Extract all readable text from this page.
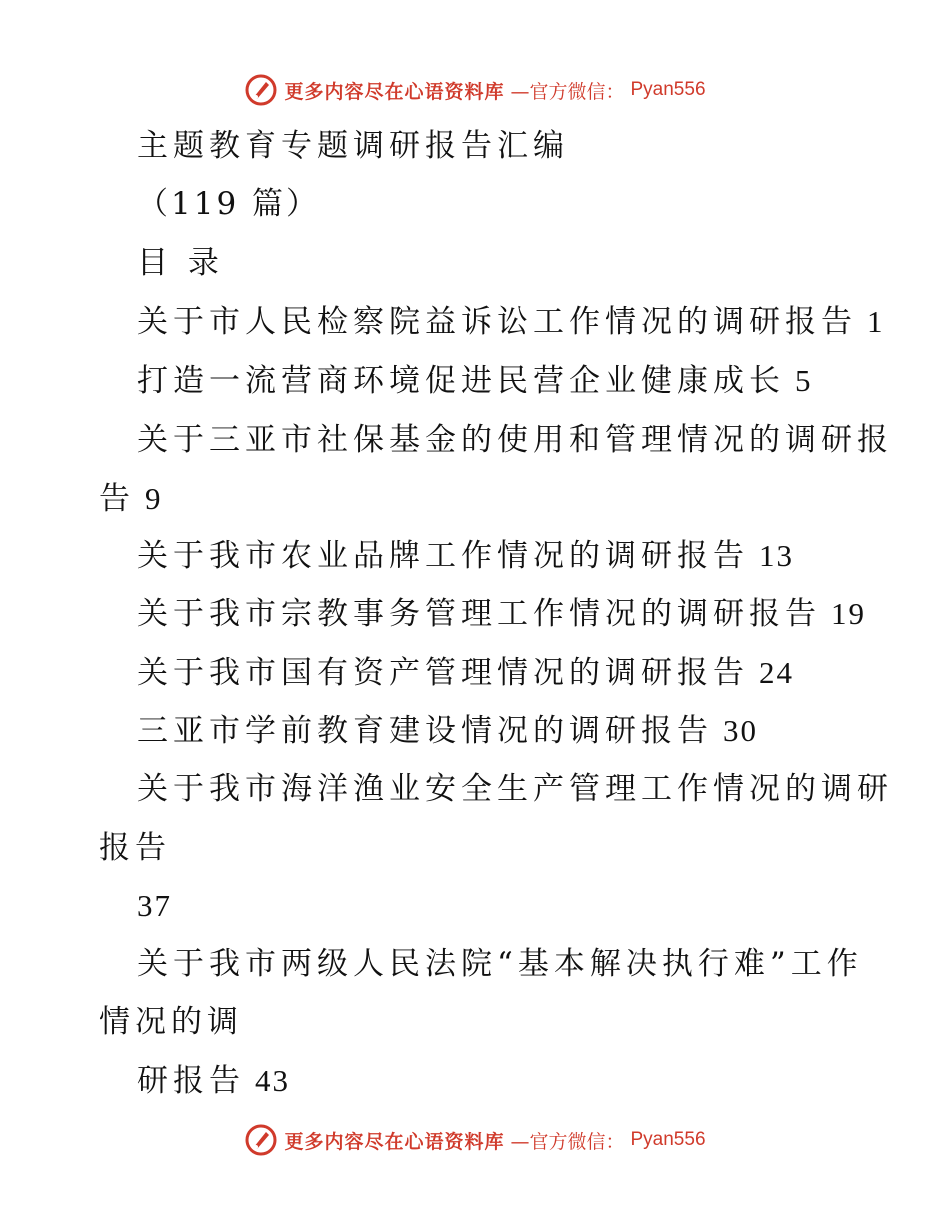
更多内容尽在心语资料库 —官方微信： Pyan556
主题教育专题调研报告汇编
（119 篇）
目 录
关于市人民检察院益诉讼工作情况的调研报告 1
打造一流营商环境促进民营企业健康成长 5
关于三亚市社保基金的使用和管理情况的调研报
告 9
关于我市农业品牌工作情况的调研报告 13
关于我市宗教事务管理工作情况的调研报告 19
关于我市国有资产管理情况的调研报告 24
三亚市学前教育建设情况的调研报告 30
关于我市海洋渔业安全生产管理工作情况的调研
报告
37
关于我市两级人民法院“基本解决执行难”工作
情况的调
研报告 43
更多内容尽在心语资料库 —官方微信： Pyan556
